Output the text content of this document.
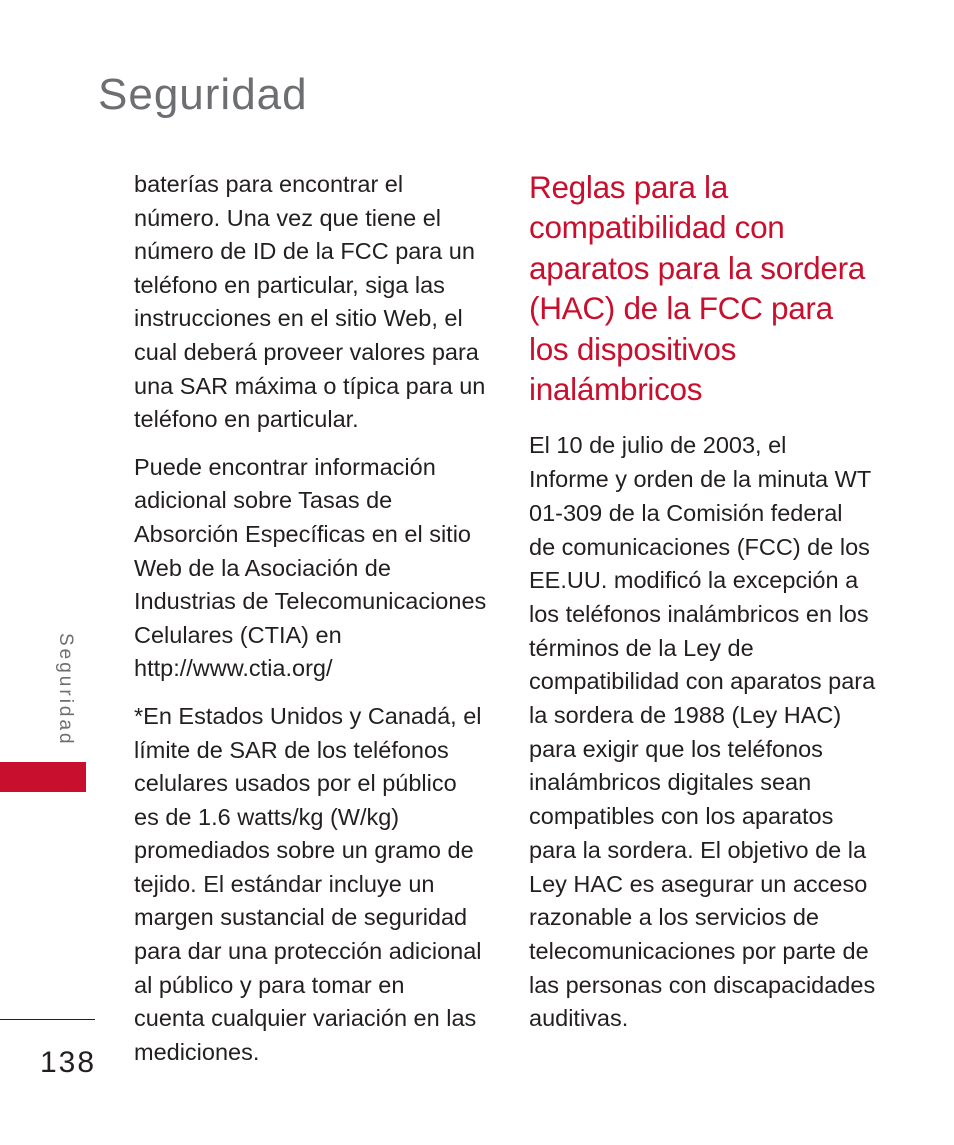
Seguridad
Seguridad

baterías para encontrar el
número. Una vez que tiene el
número de ID de la FCC para un
teléfono en particular, siga las
instrucciones en el sitio Web, el
cual deberá proveer valores para
una SAR máxima o típica para un
teléfono en particular.

Puede encontrar información
adicional sobre Tasas de
Absorción Específicas en el sitio
Web de la Asociación de
Industrias de Telecomunicaciones
Celulares (CTIA) en
http://www.ctia.org/

*En Estados Unidos y Canadá, el
límite de SAR de los teléfonos
celulares usados por el público
es de 1.6 watts/kg (W/kg)
promediados sobre un gramo de
tejido. El estándar incluye un
margen sustancial de seguridad
para dar una protección adicional
al público y para tomar en
cuenta cualquier variación en las
mediciones.

Reglas para la
compatibilidad con
aparatos para la sordera
(HAC) de la FCC para
los dispositivos
inalámbricos

El 10 de julio de 2003, el
Informe y orden de la minuta WT
01-309 de la Comisión federal
de comunicaciones (FCC) de los
EE.UU. modificó la excepción a
los teléfonos inalámbricos en los
términos de la Ley de
compatibilidad con aparatos para
la sordera de 1988 (Ley HAC)
para exigir que los teléfonos
inalámbricos digitales sean
compatibles con los aparatos
para la sordera. El objetivo de la
Ley HAC es asegurar un acceso
razonable a los servicios de
telecomunicaciones por parte de
las personas con discapacidades
auditivas.

138
